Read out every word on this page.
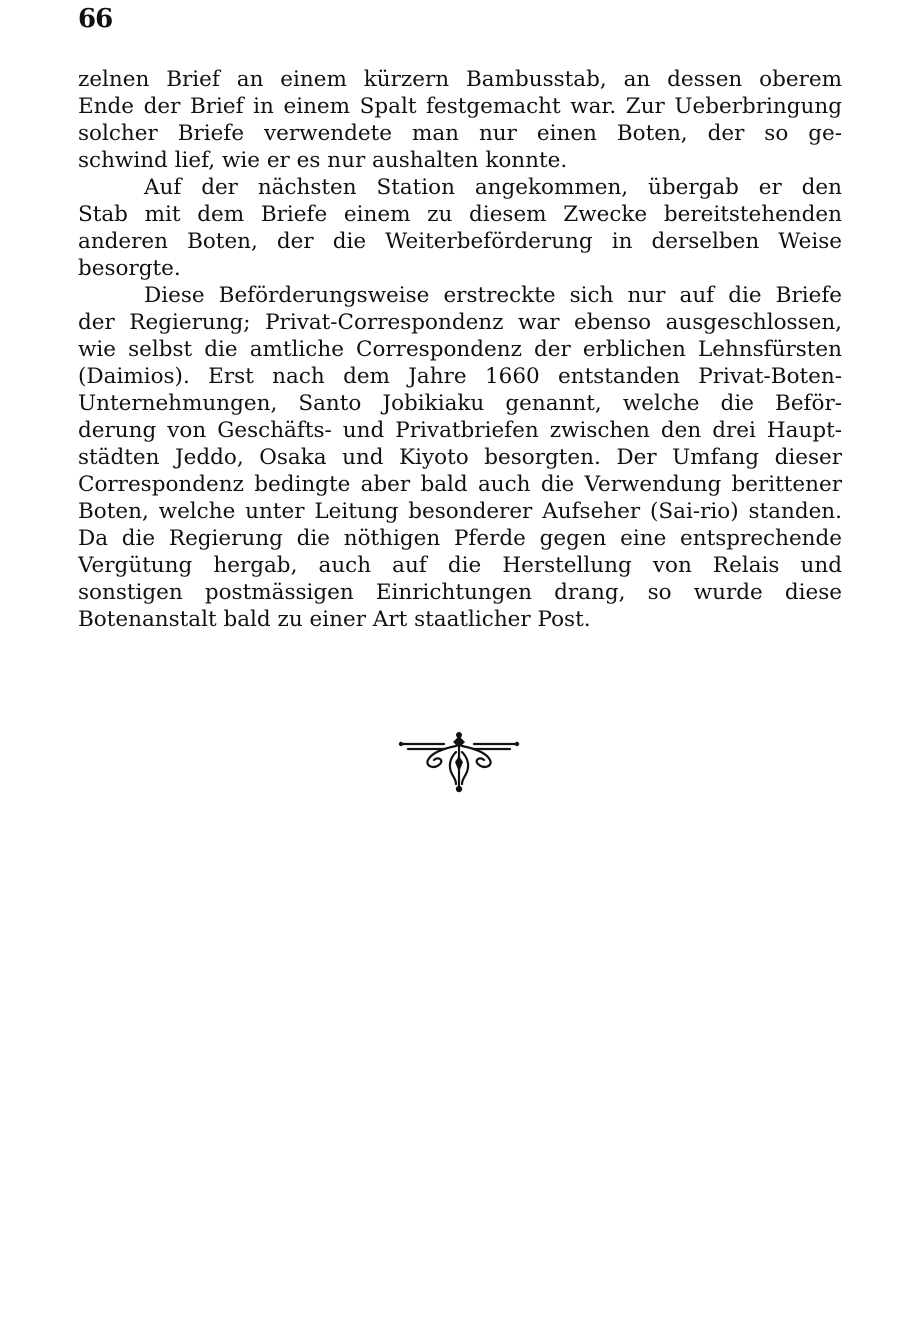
66
zelnen Brief an einem kürzern Bambusstab, an dessen oberem
Ende der Brief in einem Spalt festgemacht war. Zur Ueberbringung
solcher Briefe verwendete man nur einen Boten, der so ge-
schwind lief, wie er es nur aushalten konnte.
Auf der nächsten Station angekommen, übergab er den
Stab mit dem Briefe einem zu diesem Zwecke bereitstehenden
anderen Boten, der die Weiterbeförderung in derselben Weise
besorgte.
Diese Beförderungsweise erstreckte sich nur auf die Briefe
der Regierung; Privat-Correspondenz war ebenso ausgeschlossen,
wie selbst die amtliche Correspondenz der erblichen Lehnsfürsten
(Daimios). Erst nach dem Jahre 1660 entstanden Privat-Boten-
Unternehmungen, Santo Jobikiaku genannt, welche die Beför-
derung von Geschäfts- und Privatbriefen zwischen den drei Haupt-
städten Jeddo, Osaka und Kiyoto besorgten. Der Umfang dieser
Correspondenz bedingte aber bald auch die Verwendung berittener
Boten, welche unter Leitung besonderer Aufseher (Sai-rio) standen.
Da die Regierung die nöthigen Pferde gegen eine entsprechende
Vergütung hergab, auch auf die Herstellung von Relais und
sonstigen postmässigen Einrichtungen drang, so wurde diese
Botenanstalt bald zu einer Art staatlicher Post.
